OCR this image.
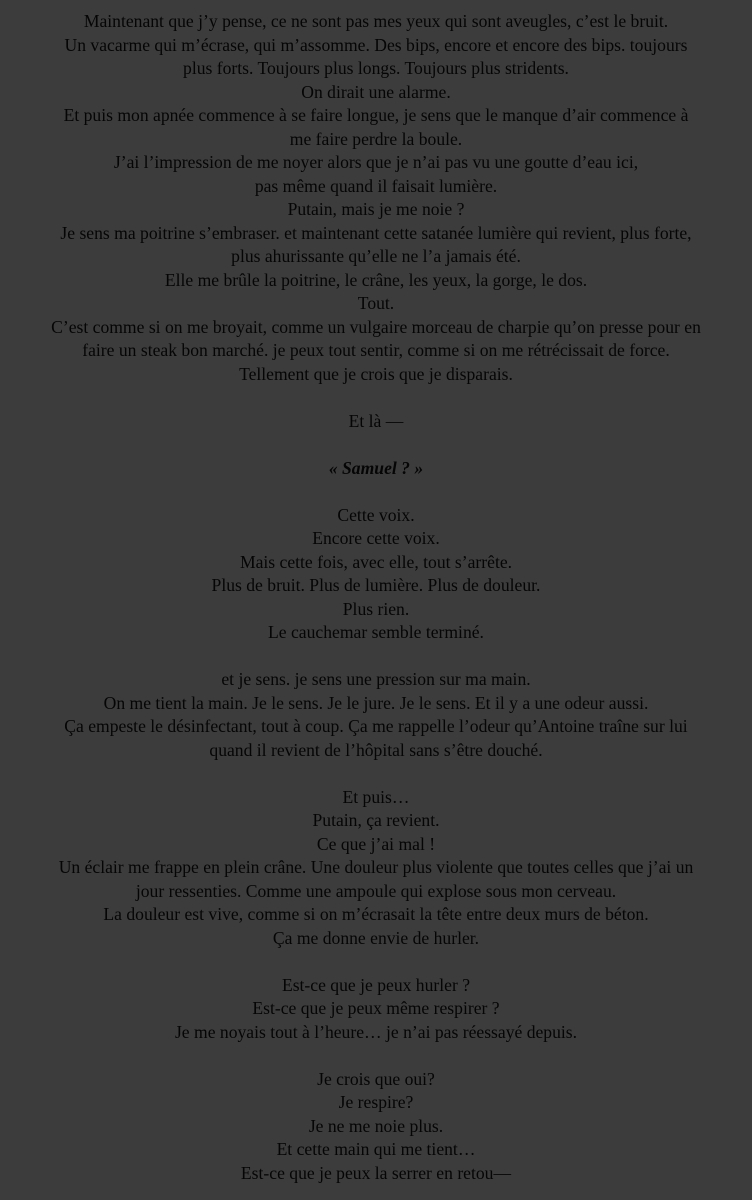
Maintenant que j’y pense, ce ne sont pas mes yeux qui sont aveugles, c’est le bruit.
Un vacarme qui m’écrase, qui m’assomme. Des bips, encore et encore des bips. toujours
plus forts. Toujours plus longs. Toujours plus stridents.
On dirait une alarme.
Et puis mon apnée commence à se faire longue, je sens que le manque d’air commence à
me faire perdre la boule.
J’ai l’impression de me noyer alors que je n’ai pas vu une goutte d’eau ici,
pas même quand il faisait lumière.
Putain, mais je me noie ?
Je sens ma poitrine s’embraser. et maintenant cette satanée lumière qui revient, plus forte,
plus ahurissante qu’elle ne l’a jamais été.
Elle me brûle la poitrine, le crâne, les yeux, la gorge, le dos.
Tout.
C’est comme si on me broyait, comme un vulgaire morceau de charpie qu’on presse pour en
faire un steak bon marché. je peux tout sentir, comme si on me rétrécissait de force.
Tellement que je crois que je disparais.
Et là —
« Samuel ? »
Cette voix.
Encore cette voix.
Mais cette fois, avec elle, tout s’arrête.
Plus de bruit. Plus de lumière. Plus de douleur.
Plus rien.
Le cauchemar semble terminé.
et je sens. je sens une pression sur ma main.
On me tient la main. Je le sens. Je le jure. Je le sens. Et il y a une odeur aussi.
Ça empeste le désinfectant, tout à coup. Ça me rappelle l’odeur qu’Antoine traîne sur lui
quand il revient de l’hôpital sans s’être douché.
Et puis…
Putain, ça revient.
Ce que j’ai mal !
Un éclair me frappe en plein crâne. Une douleur plus violente que toutes celles que j’ai un
jour ressenties. Comme une ampoule qui explose sous mon cerveau.
La douleur est vive, comme si on m’écrasait la tête entre deux murs de béton.
Ça me donne envie de hurler.
Est-ce que je peux hurler ?
Est-ce que je peux même respirer ?
Je me noyais tout à l’heure… je n’ai pas réessayé depuis.
Je crois que oui?
Je respire?
Je ne me noie plus.
Et cette main qui me tient…
Est-ce que je peux la serrer en retou—
